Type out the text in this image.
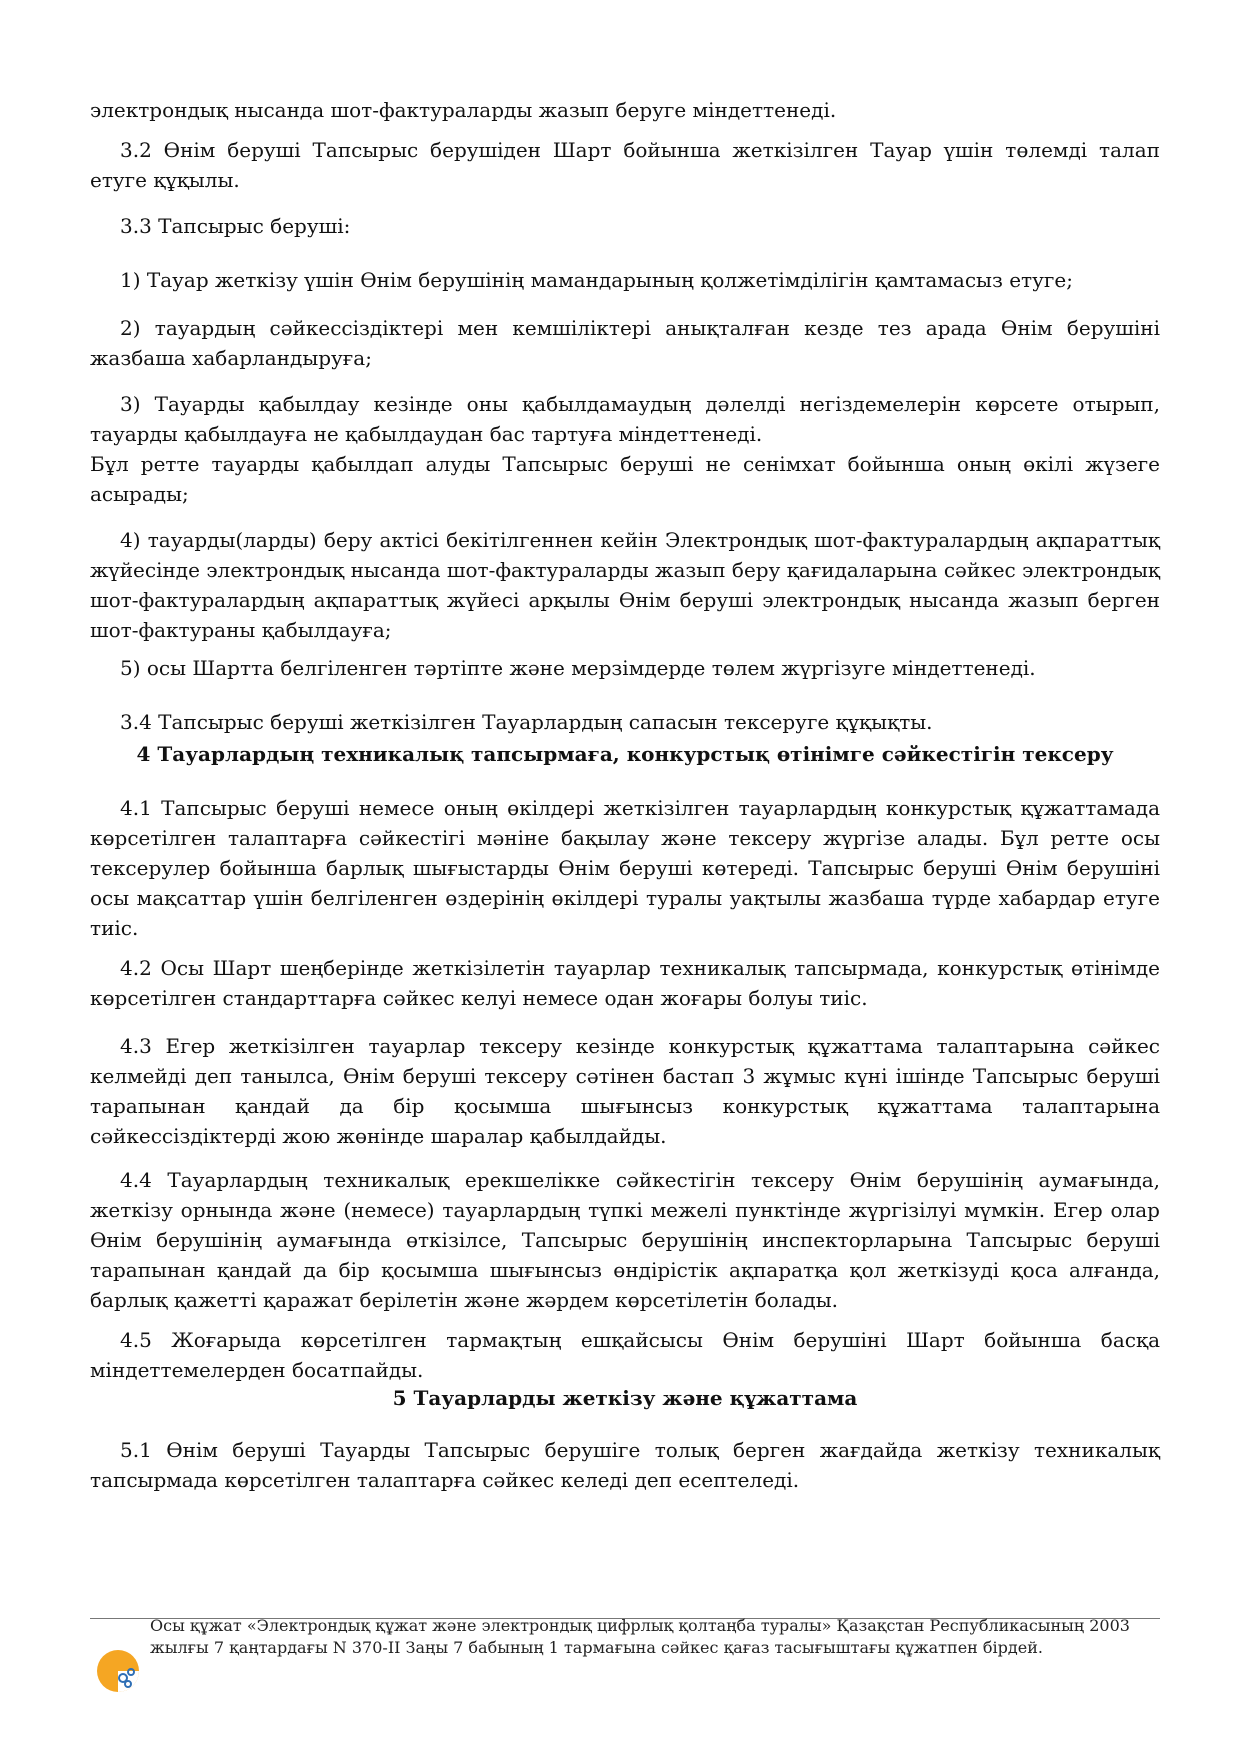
электрондық нысанда шот-фактураларды жазып беруге міндеттенеді.

3.2 Өнім беруші Тапсырыс берушіден Шарт бойынша жеткізілген Тауар үшін төлемді талап етуге құқылы.

3.3 Тапсырыс беруші:

1) Тауар жеткізу үшін Өнім берушінің мамандарының қолжетімділігін қамтамасыз етуге;

2) тауардың сәйкессіздіктері мен кемшіліктері анықталған кезде тез арада Өнім берушіні жазбаша хабарландыруға;

3) Тауарды қабылдау кезінде оны қабылдамаудың дәлелді негіздемелерін көрсете отырып, тауарды қабылдауға не қабылдаудан бас тартуға міндеттенеді.

Бұл ретте тауарды қабылдап алуды Тапсырыс беруші не сенімхат бойынша оның өкілі жүзеге асырады;

4) тауарды(ларды) беру актісі бекітілгеннен кейін Электрондық шот-фактуралардың ақпараттық жүйесінде электрондық нысанда шот-фактураларды жазып беру қағидаларына сәйкес электрондық шот-фактуралардың ақпараттық жүйесі арқылы Өнім беруші электрондық нысанда жазып берген шот-фактураны қабылдауға;

5) осы Шартта белгіленген тәртіпте және мерзімдерде төлем жүргізуге міндеттенеді.

3.4 Тапсырыс беруші жеткізілген Тауарлардың сапасын тексеруге құқықты.

4 Тауарлардың техникалық тапсырмаға, конкурстық өтінімге сәйкестігін тексеру

4.1 Тапсырыс беруші немесе оның өкілдері жеткізілген тауарлардың конкурстық құжаттамада көрсетілген талаптарға сәйкестігі мәніне бақылау және тексеру жүргізе алады. Бұл ретте осы тексерулер бойынша барлық шығыстарды Өнім беруші көтереді. Тапсырыс беруші Өнім берушіні осы мақсаттар үшін белгіленген өздерінің өкілдері туралы уақтылы жазбаша түрде хабардар етуге тиіс.

4.2 Осы Шарт шеңберінде жеткізілетін тауарлар техникалық тапсырмада, конкурстық өтінімде көрсетілген стандарттарға сәйкес келуі немесе одан жоғары болуы тиіс.

4.3 Егер жеткізілген тауарлар тексеру кезінде конкурстық құжаттама талаптарына сәйкес келмейді деп танылса, Өнім беруші тексеру сәтінен бастап 3 жұмыс күні ішінде Тапсырыс беруші тарапынан қандай да бір қосымша шығынсыз конкурстық құжаттама талаптарына сәйкессіздіктерді жою жөнінде шаралар қабылдайды.

4.4 Тауарлардың техникалық ерекшелікке сәйкестігін тексеру Өнім берушінің аумағында, жеткізу орнында және (немесе) тауарлардың түпкі межелі пунктінде жүргізілуі мүмкін. Егер олар Өнім берушінің аумағында өткізілсе, Тапсырыс берушінің инспекторларына Тапсырыс беруші тарапынан қандай да бір қосымша шығынсыз өндірістік ақпаратқа қол жеткізуді қоса алғанда, барлық қажетті қаражат берілетін және жәрдем көрсетілетін болады.

4.5 Жоғарыда көрсетілген тармақтың ешқайсысы Өнім берушіні Шарт бойынша басқа міндеттемелерден босатпайды.

5 Тауарларды жеткізу және құжаттама

5.1 Өнім беруші Тауарды Тапсырыс берушіге толық берген жағдайда жеткізу техникалық тапсырмада көрсетілген талаптарға сәйкес келеді деп есептеледі.

Осы құжат «Электрондық құжат және электрондық цифрлық қолтаңба туралы» Қазақстан Республикасының 2003 жылғы 7 қаңтардағы N 370-II Заңы 7 бабының 1 тармағына сәйкес қағаз тасығыштағы құжатпен бірдей.
